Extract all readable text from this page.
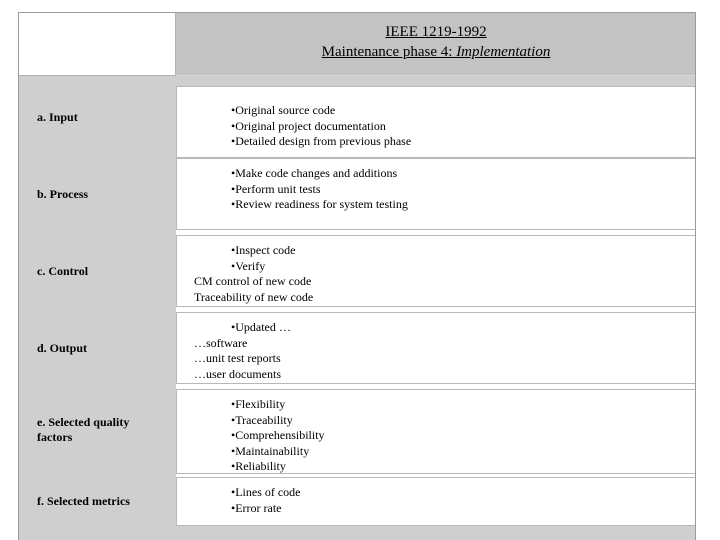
IEEE 1219-1992
Maintenance phase 4: Implementation
a. Input	•Original source code
•Original project documentation
•Detailed design from previous phase
b. Process
•Make code changes and additions
•Perform unit tests
•Review readiness for system testing
c. Control
•Inspect code
•Verify
CM control of new code
Traceability of new code
d. Output
•Updated …
…software
…unit test reports
…user documents
e. Selected quality
factors
•Flexibility
•Traceability
•Comprehensibility
•Maintainability
•Reliability
f. Selected metrics
•Lines of code
•Error rate
